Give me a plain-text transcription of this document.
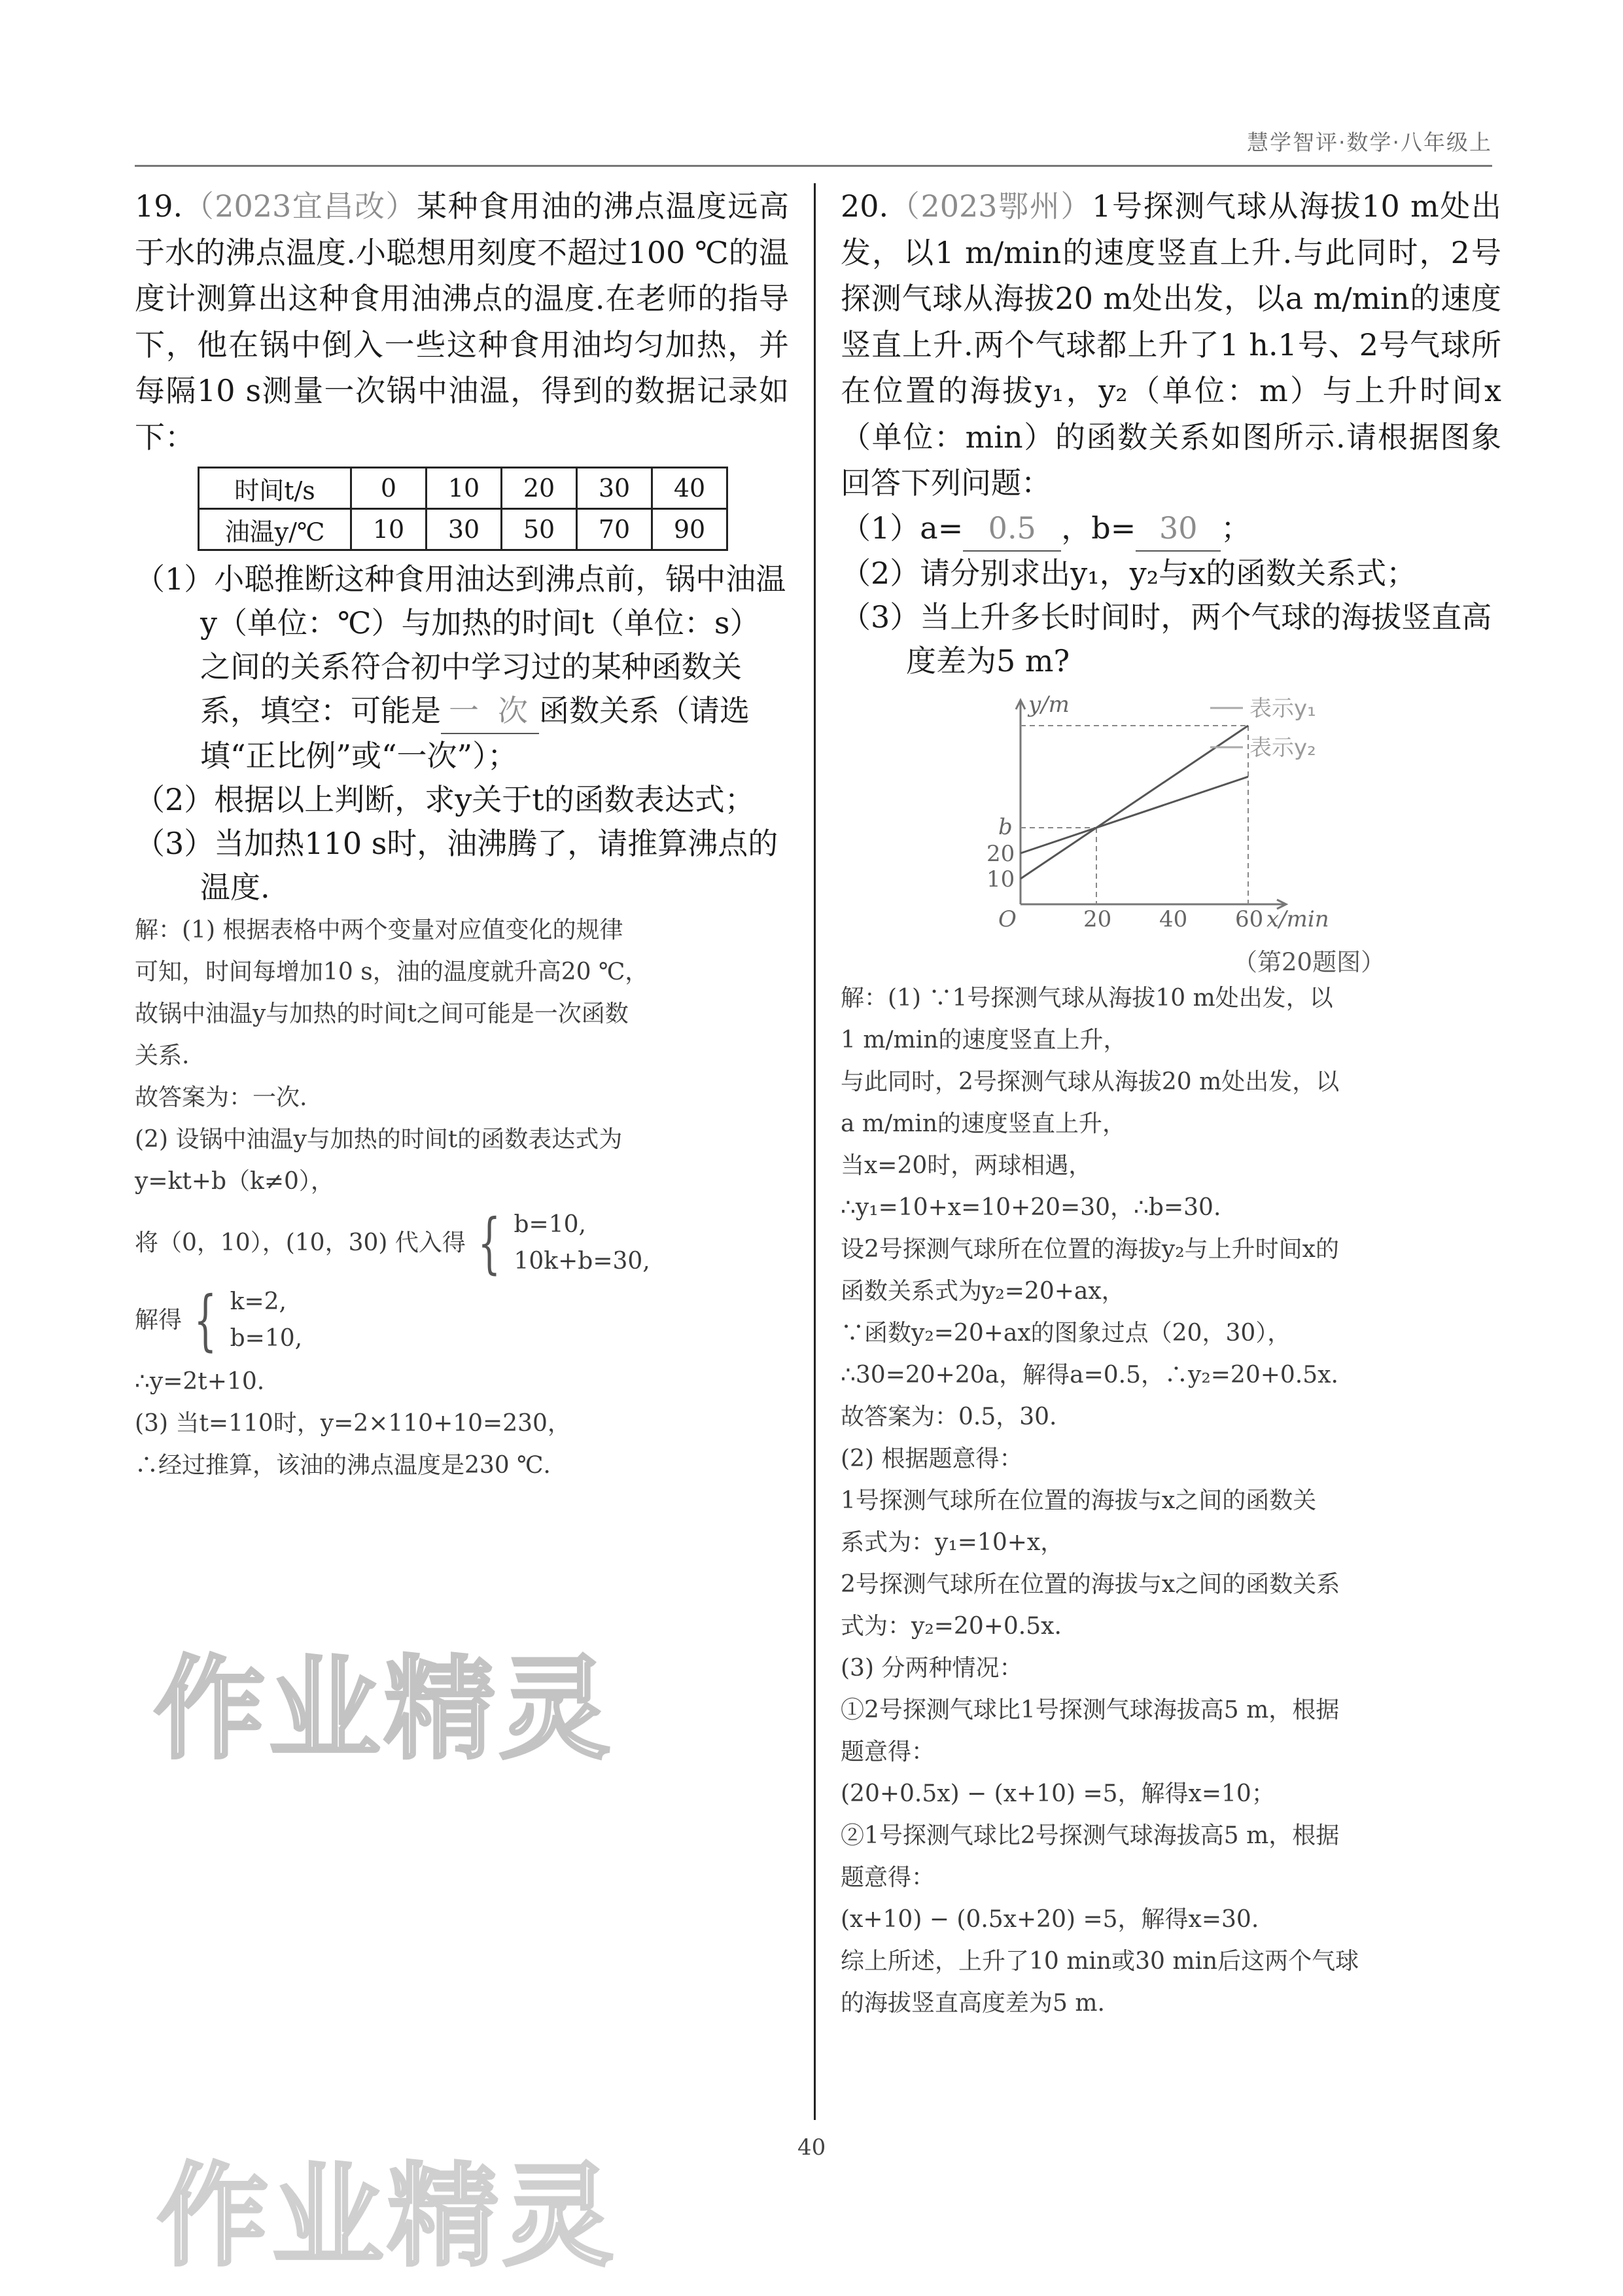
慧学智评·数学·八年级上

19.（2023宜昌改）某种食用油的沸点温度远高于水的沸点温度.小聪想用刻度不超过100 ℃的温度计测算出这种食用油沸点的温度.在老师的指导下，他在锅中倒入一些这种食用油均匀加热，并每隔10 s测量一次锅中油温，得到的数据记录如下：

时间t/s	0	10	20	30	40
油温y/℃	10	30	50	70	90

（1）小聪推断这种食用油达到沸点前，锅中油温y（单位：℃）与加热的时间t（单位：s）之间的关系符合初中学习过的某种函数关系，填空：可能是 一 次 函数关系（请选填“正比例”或“一次”）；

（2）根据以上判断，求y关于t的函数表达式；

（3）当加热110 s时，油沸腾了，请推算沸点的温度.

解：(1) 根据表格中两个变量对应值变化的规律
可知，时间每增加10 s，油的温度就升高20 ℃，
故锅中油温y与加热的时间t之间可能是一次函数
关系.
故答案为：一次.
(2) 设锅中油温y与加热的时间t的函数表达式为
y=kt+b（k≠0），
将（0，10），(10，30) 代入得 { b=10,
10k+b=30,
解得 { k=2,
b=10,
∴y=2t+10.
(3) 当t=110时，y=2×110+10=230，
∴经过推算，该油的沸点温度是230 ℃.

20.（2023鄂州）1号探测气球从海拔10 m处出发，以1 m/min的速度竖直上升.与此同时，2号探测气球从海拔20 m处出发，以a m/min的速度竖直上升.两个气球都上升了1 h.1号、2号气球所在位置的海拔y₁，y₂（单位：m）与上升时间x（单位：min）的函数关系如图所示.请根据图象回答下列问题：

（1）a= 0.5 ，b= 30 ；

（2）请分别求出y₁，y₂与x的函数关系式；

（3）当上升多长时间时，两个气球的海拔竖直高度差为5 m?

y/m
x/min
O
b
20
10
20 40 60
表示y₁
表示y₂
（第20题图）
解：(1) ∵1号探测气球从海拔10 m处出发，以
1 m/min的速度竖直上升，
与此同时，2号探测气球从海拔20 m处出发，以
a m/min的速度竖直上升，
当x=20时，两球相遇，
∴y₁=10+x=10+20=30，∴b=30.
设2号探测气球所在位置的海拔y₂与上升时间x的
函数关系式为y₂=20+ax，
∵函数y₂=20+ax的图象过点（20，30），
∴30=20+20a，解得a=0.5，∴y₂=20+0.5x.
故答案为：0.5，30.
(2) 根据题意得：
1号探测气球所在位置的海拔与x之间的函数关
系式为：y₁=10+x，
2号探测气球所在位置的海拔与x之间的函数关系
式为：y₂=20+0.5x.
(3) 分两种情况：
①2号探测气球比1号探测气球海拔高5 m，根据
题意得：
(20+0.5x) − (x+10) =5，解得x=10；
②1号探测气球比2号探测气球海拔高5 m，根据
题意得：
(x+10) − (0.5x+20) =5，解得x=30.
综上所述，上升了10 min或30 min后这两个气球
的海拔竖直高度差为5 m.
40
作业精灵
作业精灵
